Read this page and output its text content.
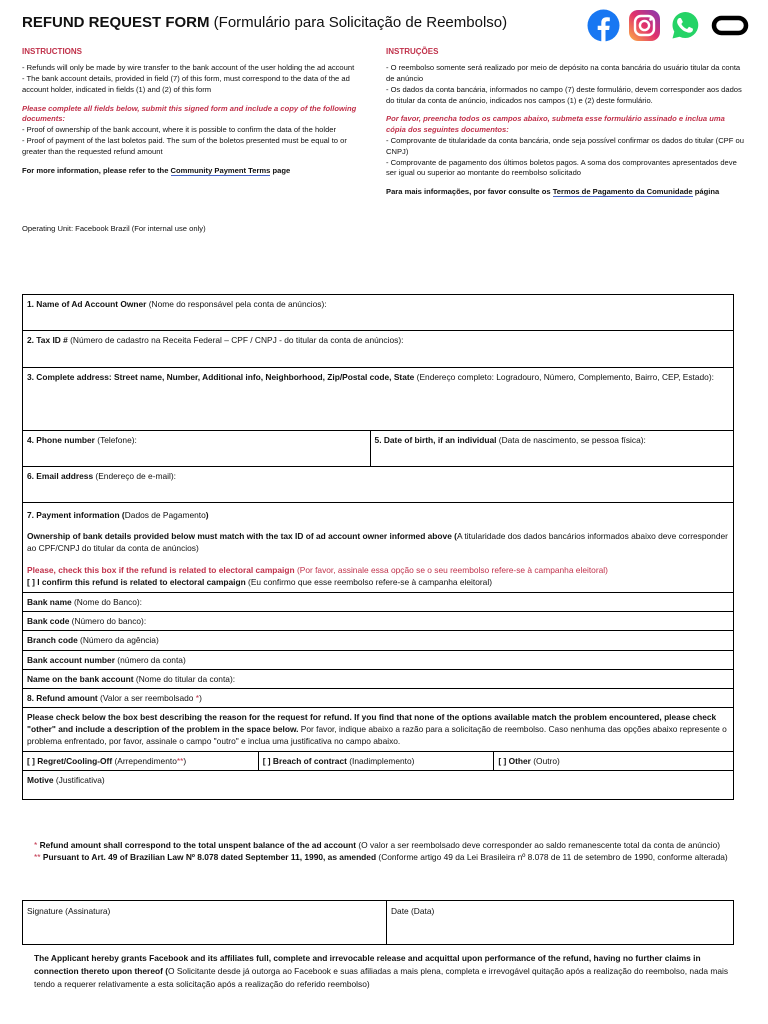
REFUND REQUEST FORM (Formulário para Solicitação de Reembolso)
INSTRUCTIONS
- Refunds will only be made by wire transfer to the bank account of the user holding the ad account
- The bank account details, provided in field (7) of this form, must correspond to the data of the ad account holder, indicated in fields (1) and (2) of this form
Please complete all fields below, submit this signed form and include a copy of the following documents:
- Proof of ownership of the bank account, where it is possible to confirm the data of the holder
- Proof of payment of the last boletos paid. The sum of the boletos presented must be equal to or greater than the requested refund amount
For more information, please refer to the Community Payment Terms page
Operating Unit: Facebook Brazil (For internal use only)
INSTRUÇÕES
- O reembolso somente será realizado por meio de depósito na conta bancária do usuário titular da conta de anúncio
- Os dados da conta bancária, informados no campo (7) deste formulário, devem corresponder aos dados do titular da conta de anúncio, indicados nos campos (1) e (2) deste formulário.
Por favor, preencha todos os campos abaixo, submeta esse formulário assinado e inclua uma cópia dos seguintes documentos:
- Comprovante de titularidade da conta bancária, onde seja possível confirmar os dados do titular (CPF ou CNPJ)
- Comprovante de pagamento dos últimos boletos pagos. A soma dos comprovantes apresentados deve ser igual ou superior ao montante do reembolso solicitado
Para mais informações, por favor consulte os Termos de Pagamento da Comunidade página
1. Name of Ad Account Owner (Nome do responsável pela conta de anúncios):			
2. Tax ID # (Número de cadastro na Receita Federal – CPF / CNPJ - do titular da conta de anúncios):			
3. Complete address: Street name, Number, Additional info, Neighborhood, Zip/Postal code, State (Endereço completo: Logradouro, Número, Complemento, Bairro, CEP, Estado):			
4. Phone number (Telefone):		5. Date of birth, if an individual (Data de nascimento, se pessoa física):	
6. Email address (Endereço de e-mail):			

7. Payment information (Dados de Pagamento)
Ownership of bank details provided below must match with the tax ID of ad account owner informed above (A titularidade dos dados bancários informados abaixo deve corresponder ao CPF/CNPJ do titular da conta de anúncios)
Please, check this box if the refund is related to electoral campaign (Por favor, assinale essa opção se o seu reembolso refere-se à campanha eleitoral)
[ ] I confirm this refund is related to electoral campaign (Eu confirmo que esse reembolso refere-se à campanha eleitoral)			

Bank name (Nome do Banco):			
Bank code (Número do banco):			
Branch code (Número da agência)			
Bank account number (número da conta)			
Name on the bank account (Nome do titular da conta):			
8. Refund amount (Valor a ser reembolsado *)			
Please check below the box best describing the reason for the request for refund. If you find that none of the options available match the problem encountered, please check "other" and include a description of the problem in the space below. Por favor, indique abaixo a razão para a solicitação de reembolso. Caso nenhuma das opções abaixo represente o problema enfrentado, por favor, assinale o campo "outro" e inclua uma justificativa no campo abaixo.			
[ ] Regret/Cooling-Off (Arrependimento**)	[ ] Breach of contract (Inadimplemento)		[ ] Other (Outro)
Motive (Justificativa)			
* Refund amount shall correspond to the total unspent balance of the ad account (O valor a ser reembolsado deve corresponder ao saldo remanescente total da conta de anúncio)
** Pursuant to Art. 49 of Brazilian Law Nº 8.078 dated September 11, 1990, as amended (Conforme artigo 49 da Lei Brasileira nº 8.078 de 11 de setembro de 1990, conforme alterada)
Signature (Assinatura)	Date (Data)
The Applicant hereby grants Facebook and its affiliates full, complete and irrevocable release and acquittal upon performance of the refund, having no further claims in connection thereto upon thereof (O Solicitante desde já outorga ao Facebook e suas afiliadas a mais plena, completa e irrevogável quitação após a realização do reembolso, nada mais tendo a requerer relativamente a esta solicitação após a realização do referido reembolso)
